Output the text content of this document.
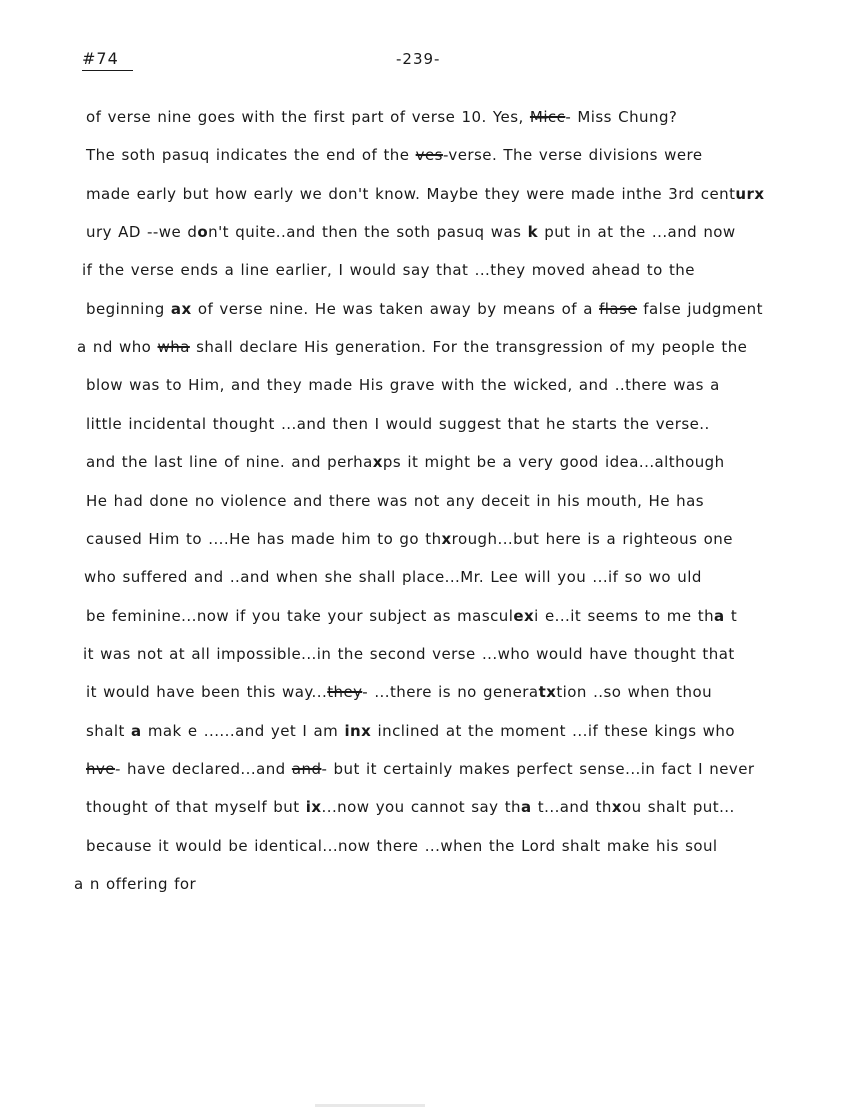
#74	-239-
of verse nine goes with the first part of verse 10. Yes, Mi̶cc- Miss Chung?
The soth pasuq indicates the end of the ves-verse. The verse divisions were
made early but how early we don't know. Maybe they were made inthe 3rd centurx
ury AD --we don't quite..and then the soth pasuq was k put in at the ...and now
if the verse ends a line earlier, I would say that ...they moved ahead to the
beginning ax of verse nine. He was taken away by means of a flase false judgment
a nd who wha shall declare His generation. For the transgression of my people the
blow was to Him, and they made His grave with the wicked, and ..there was a
little incidental thought ...and then I would suggest that he starts the verse..
and the last line of nine. and perhaxps it might be a very good idea...although
He had done no violence and there was not any deceit in his mouth, He has
caused Him to ....He has made him to go thxrough...but here is a righteous one
who suffered and ..and when she shall place...Mr. Lee will you ...if so wo uld
be feminine...now if you take your subject as masculexi e...it seems to me tha t
it was not at all impossible...in the second verse ...who would have thought that
it would have been this way...they- ...there is no generatxtion ..so when thou
shalt a mak e ......and yet I am inx inclined at the moment ...if these kings who
hve- have declared...and and- but it certainly makes perfect sense...in fact I never
thought of that myself but ix...now you cannot say tha t...and thxou shalt put...
because it would be identical...now there ...when the Lord shalt make his soul
a n offering for
